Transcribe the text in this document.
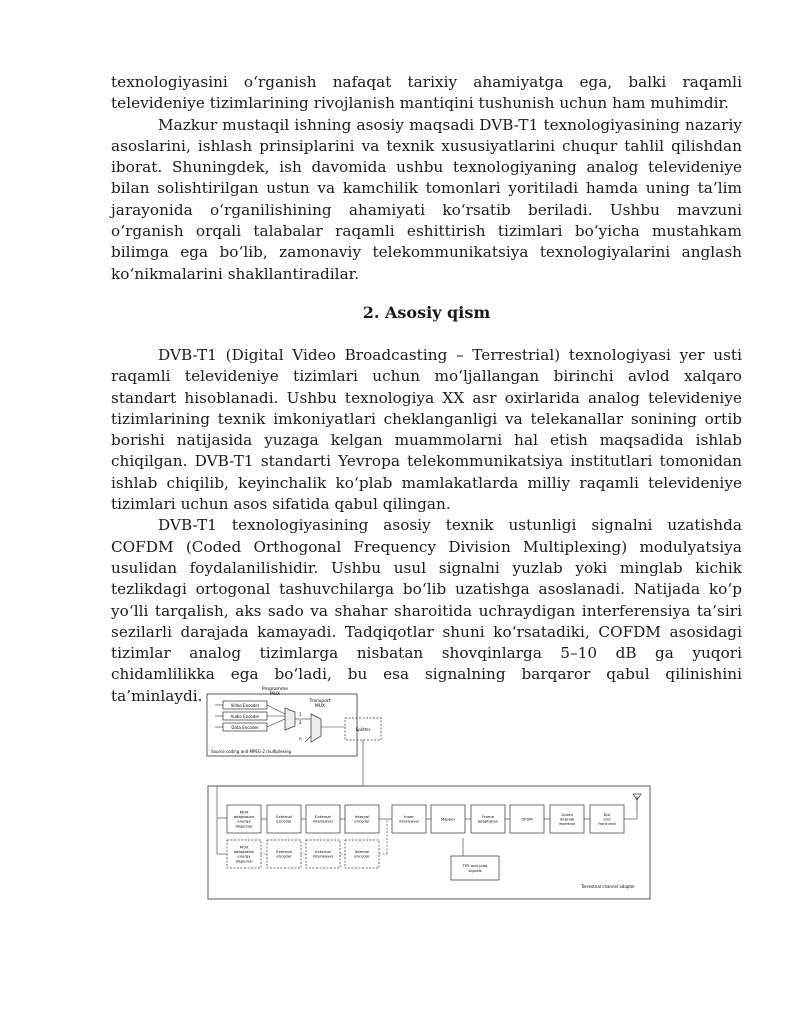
texnologiyasini o‘rganish nafaqat tarixiy ahamiyatga ega, balki raqamli televideniye tizimlarining rivojlanish mantiqini tushunish uchun ham muhimdir.

Mazkur mustaqil ishning asosiy maqsadi DVB-T1 texnologiyasining nazariy asoslarini, ishlash prinsiplarini va texnik xususiyatlarini chuqur tahlil qilishdan iborat. Shuningdek, ish davomida ushbu texnologiyaning analog televideniye bilan solishtirilgan ustun va kamchilik tomonlari yoritiladi hamda uning ta’lim jarayonida o‘rganilishining ahamiyati ko‘rsatib beriladi. Ushbu mavzuni o‘rganish orqali talabalar raqamli eshittirish tizimlari bo‘yicha mustahkam bilimga ega bo‘lib, zamonaviy telekommunikatsiya texnologiyalarini anglash ko‘nikmalarini shakllantiradilar.

2. Asosiy qism

DVB-T1 (Digital Video Broadcasting – Terrestrial) texnologiyasi yer usti raqamli televideniye tizimlari uchun mo‘ljallangan birinchi avlod xalqaro standart hisoblanadi. Ushbu texnologiya XX asr oxirlarida analog televideniye tizimlarining texnik imkoniyatlari cheklanganligi va telekanallar sonining ortib borishi natijasida yuzaga kelgan muammolarni hal etish maqsadida ishlab chiqilgan. DVB-T1 standarti Yevropa telekommunikatsiya institutlari tomonidan ishlab chiqilib, keyinchalik ko‘plab mamlakatlarda milliy raqamli televideniye tizimlari uchun asos sifatida qabul qilingan.

DVB-T1 texnologiyasining asosiy texnik ustunligi signalni uzatishda COFDM (Coded Orthogonal Frequency Division Multiplexing) modulyatsiya usulidan foydalanilishidir. Ushbu usul signalni yuzlab yoki minglab kichik tezlikdagi ortogonal tashuvchilarga bo‘lib uzatishga asoslanadi. Natijada ko‘p yo‘lli tarqalish, aks sado va shahar sharoitida uchraydigan interferensiya ta’siri sezilarli darajada kamayadi. Tadqiqotlar shuni ko‘rsatadiki, COFDM asosidagi tizimlar analog tizimlarga nisbatan shovqinlarga 5–10 dB ga yuqori chidamlilikka ega bo‘ladi, bu esa signalning barqaror qabul qilinishini ta’minlaydi.	Programme
MUX
Transport
MUX
Video Encoder
Audio Encoder
Data Encoder
1
2
n
Source coding and MPEG-2 multiplexing
Splitter
Terrestrial channel adapter
MUX
adaptation
energy
dispersal
External
encoder
External
interleaver
Internal
encoder
Inner
interleaver	Mapper	Frame
adaptation	OFDM
Guard
interval
insertion
D/A
and
front end
MUX
adaptation
energy
dispersal
External
encoder
External
interleaver
Internal
encoder
TPS and pilot
signals
